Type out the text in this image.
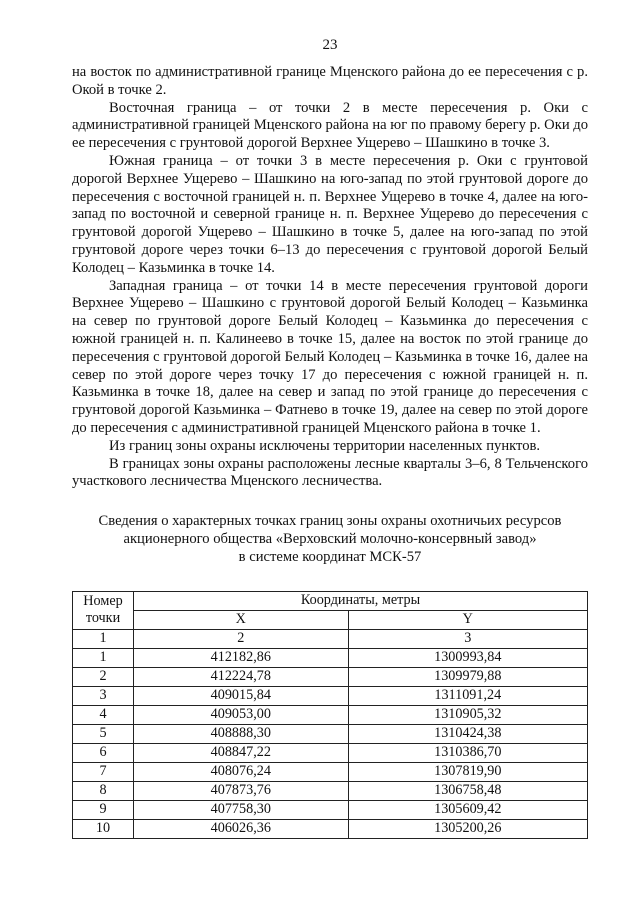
23

на восток по административной границе Мценского района до ее пересечения с р. Окой в точке 2.

Восточная граница – от точки 2 в месте пересечения р. Оки с административной границей Мценского района на юг по правому берегу р. Оки до ее пересечения с грунтовой дорогой Верхнее Ущерево – Шашкино в точке 3.

Южная граница – от точки 3 в месте пересечения р. Оки с грунтовой дорогой Верхнее Ущерево – Шашкино на юго-запад по этой грунтовой дороге до пересечения с восточной границей н. п. Верхнее Ущерево в точке 4, далее на юго-запад по восточной и северной границе н. п. Верхнее Ущерево до пересечения с грунтовой дорогой Ущерево – Шашкино в точке 5, далее на юго-запад по этой грунтовой дороге через точки 6–13 до пересечения с грунтовой дорогой Белый Колодец – Казьминка в точке 14.

Западная граница – от точки 14 в месте пересечения грунтовой дороги Верхнее Ущерево – Шашкино с грунтовой дорогой Белый Колодец – Казьминка на север по грунтовой дороге Белый Колодец – Казьминка до пересечения с южной границей н. п. Калинеево в точке 15, далее на восток по этой границе до пересечения с грунтовой дорогой Белый Колодец – Казьминка в точке 16, далее на север по этой дороге через точку 17 до пересечения с южной границей н. п. Казьминка в точке 18, далее на север и запад по этой границе до пересечения с грунтовой дорогой Казьминка – Фатнево в точке 19, далее на север по этой дороге до пересечения с административной границей Мценского района в точке 1.

Из границ зоны охраны исключены территории населенных пунктов.

В границах зоны охраны расположены лесные кварталы 3–6, 8 Тельченского участкового лесничества Мценского лесничества.

Сведения о характерных точках границ зоны охраны охотничьих ресурсов
акционерного общества «Верховский молочно-консервный завод»
в системе координат МСК-57
Номер
точки	Координаты, метры	
	X	Y
1	2	3
1	412182,86	1300993,84
2	412224,78	1309979,88
3	409015,84	1311091,24
4	409053,00	1310905,32
5	408888,30	1310424,38
6	408847,22	1310386,70
7	408076,24	1307819,90
8	407873,76	1306758,48
9	407758,30	1305609,42
10	406026,36	1305200,26
